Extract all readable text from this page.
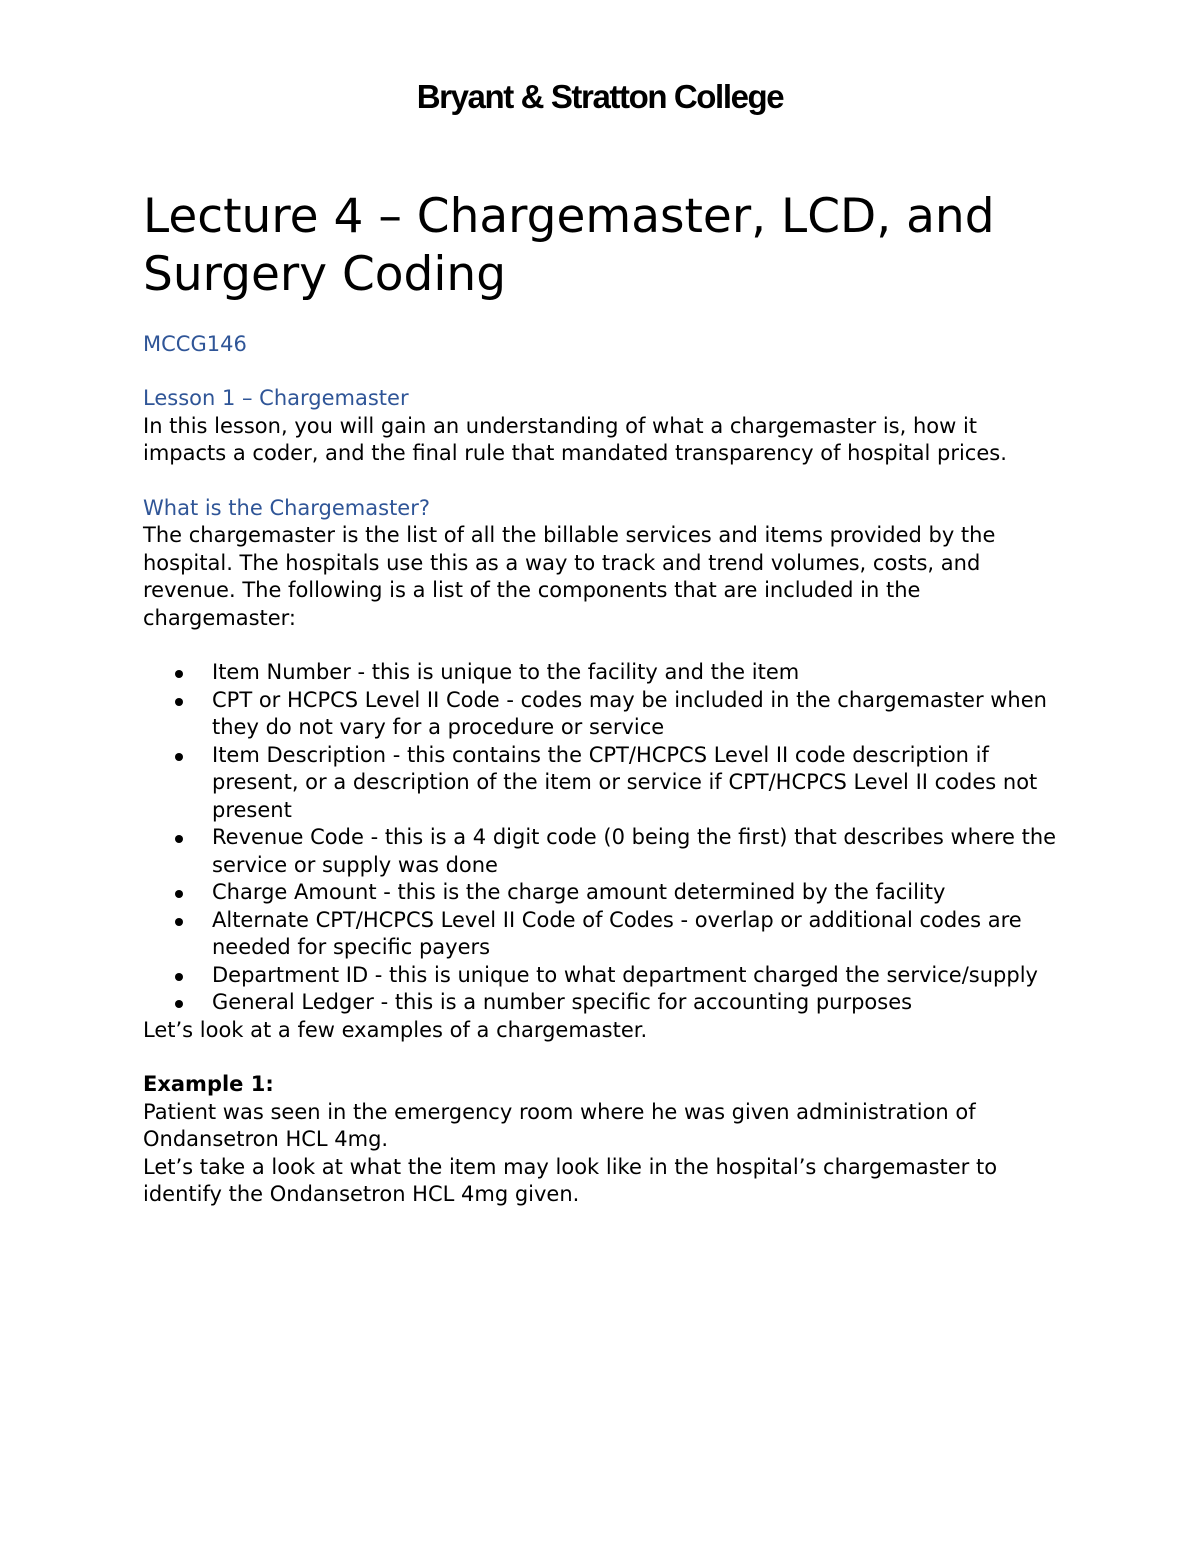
Bryant & Stratton College
Lecture 4 – Chargemaster, LCD, and Surgery Coding
MCCG146
Lesson 1 – Chargemaster

In this lesson, you will gain an understanding of what a chargemaster is, how it impacts a coder, and the final rule that mandated transparency of hospital prices.

What is the Chargemaster?

The chargemaster is the list of all the billable services and items provided by the hospital. The hospitals use this as a way to track and trend volumes, costs, and revenue. The following is a list of the components that are included in the chargemaster:

Item Number - this is unique to the facility and the item
CPT or HCPCS Level II Code - codes may be included in the chargemaster when they do not vary for a procedure or service
Item Description - this contains the CPT/HCPCS Level II code description if present, or a description of the item or service if CPT/HCPCS Level II codes not present
Revenue Code - this is a 4 digit code (0 being the first) that describes where the service or supply was done
Charge Amount - this is the charge amount determined by the facility
Alternate CPT/HCPCS Level II Code of Codes - overlap or additional codes are needed for specific payers
Department ID - this is unique to what department charged the service/supply
General Ledger - this is a number specific for accounting purposes

Let’s look at a few examples of a chargemaster.

Example 1:

Patient was seen in the emergency room where he was given administration of Ondansetron HCL 4mg.

Let’s take a look at what the item may look like in the hospital’s chargemaster to identify the Ondansetron HCL 4mg given.
